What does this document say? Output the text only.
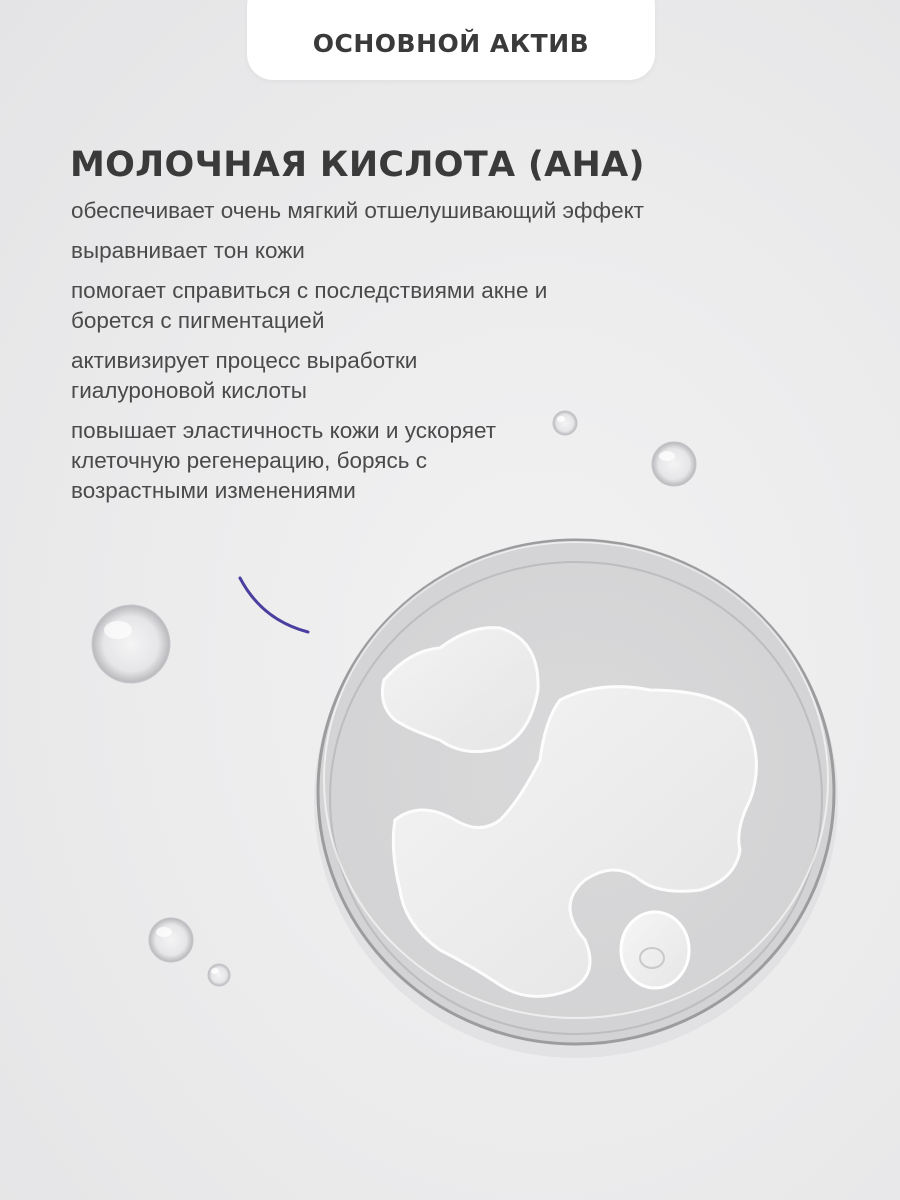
ОСНОВНОЙ АКТИВ
МОЛОЧНАЯ КИСЛОТА (AHA)
обеспечивает очень мягкий отшелушивающий эффект
выравнивает тон кожи
помогает справиться с последствиями акне и борется с пигментацией
активизирует процесс выработки гиалуроновой кислоты
повышает эластичность кожи и ускоряет клеточную регенерацию, борясь с возрастными изменениями
